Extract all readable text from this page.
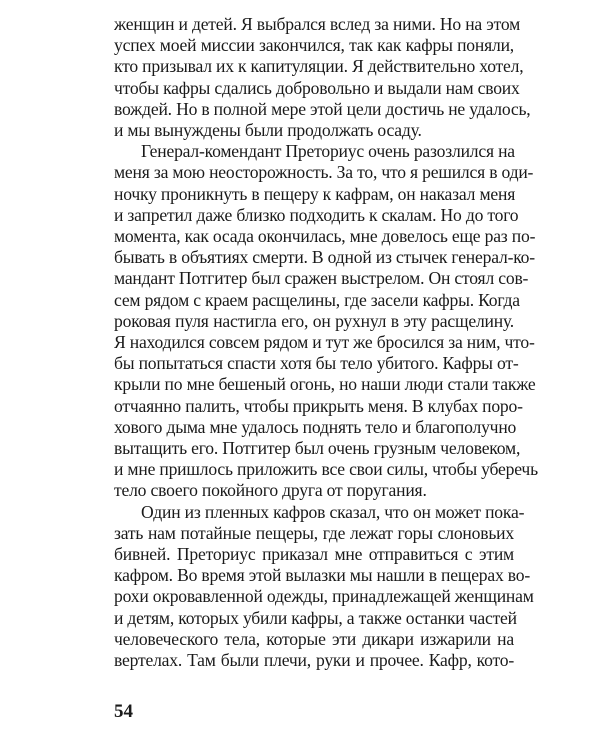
женщин и детей. Я выбрался вслед за ними. Но на этом
успех моей миссии закончился, так как кафры поняли,
кто призывал их к капитуляции. Я действительно хотел,
чтобы кафры сдались добровольно и выдали нам своих
вождей. Но в полной мере этой цели достичь не удалось,
и мы вынуждены были продолжать осаду.
Генерал-комендант Преториус очень разозлился на
меня за мою неосторожность. За то, что я решился в оди-
ночку проникнуть в пещеру к кафрам, он наказал меня
и запретил даже близко подходить к скалам. Но до того
момента, как осада окончилась, мне довелось еще раз по-
бывать в объятиях смерти. В одной из стычек генерал-ко-
мандант Потгитер был сражен выстрелом. Он стоял сов-
сем рядом с краем расщелины, где засели кафры. Когда
роковая пуля настигла его, он рухнул в эту расщелину.
Я находился совсем рядом и тут же бросился за ним, что-
бы попытаться спасти хотя бы тело убитого. Кафры от-
крыли по мне бешеный огонь, но наши люди стали также
отчаянно палить, чтобы прикрыть меня. В клубах поро-
хового дыма мне удалось поднять тело и благополучно
вытащить его. Потгитер был очень грузным человеком,
и мне пришлось приложить все свои силы, чтобы уберечь
тело своего покойного друга от поругания.
Один из пленных кафров сказал, что он может пока-
зать нам потайные пещеры, где лежат горы слоновьих
бивней. Преториус приказал мне отправиться с этим
кафром. Во время этой вылазки мы нашли в пещерах во-
рохи окровавленной одежды, принадлежащей женщинам
и детям, которых убили кафры, а также останки частей
человеческого тела, которые эти дикари изжарили на
вертелах. Там были плечи, руки и прочее. Кафр, кото-
54
